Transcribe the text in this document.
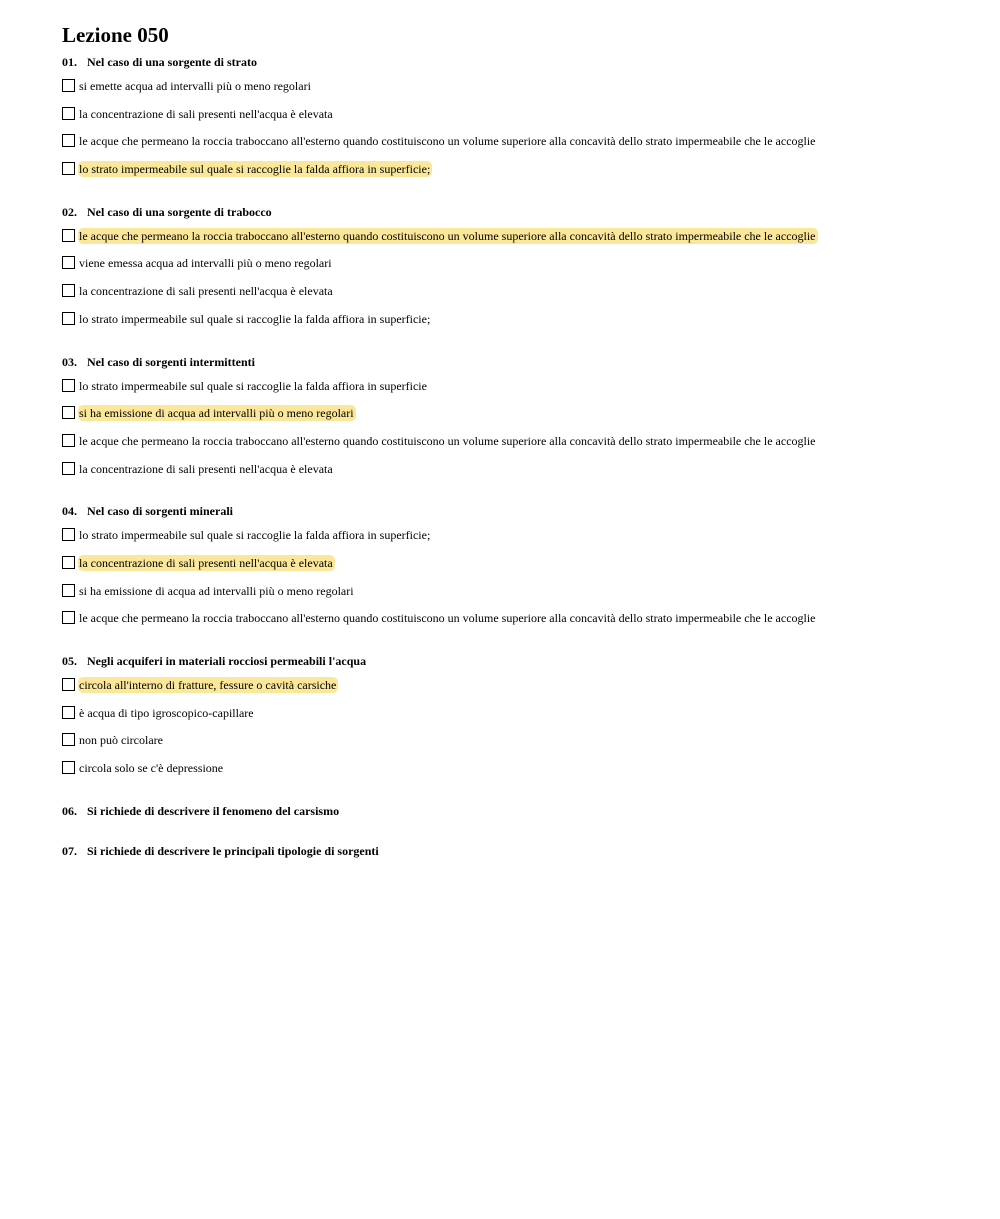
Lezione 050
01. Nel caso di una sorgente di strato
si emette acqua ad intervalli più o meno regolari
la concentrazione di sali presenti nell'acqua è elevata
le acque che permeano la roccia traboccano all'esterno quando costituiscono un volume superiore alla concavità dello strato impermeabile che le accoglie
lo strato impermeabile sul quale si raccoglie la falda affiora in superficie;
02. Nel caso di una sorgente di trabocco
le acque che permeano la roccia traboccano all'esterno quando costituiscono un volume superiore alla concavità dello strato impermeabile che le accoglie
viene emessa acqua ad intervalli più o meno regolari
la concentrazione di sali presenti nell'acqua è elevata
lo strato impermeabile sul quale si raccoglie la falda affiora in superficie;
03. Nel caso di sorgenti intermittenti
lo strato impermeabile sul quale si raccoglie la falda affiora in superficie
si ha emissione di acqua ad intervalli più o meno regolari
le acque che permeano la roccia traboccano all'esterno quando costituiscono un volume superiore alla concavità dello strato impermeabile che le accoglie
la concentrazione di sali presenti nell'acqua è elevata
04. Nel caso di sorgenti minerali
lo strato impermeabile sul quale si raccoglie la falda affiora in superficie;
la concentrazione di sali presenti nell'acqua è elevata
si ha emissione di acqua ad intervalli più o meno regolari
le acque che permeano la roccia traboccano all'esterno quando costituiscono un volume superiore alla concavità dello strato impermeabile che le accoglie
05. Negli acquiferi in materiali rocciosi permeabili l'acqua
circola all'interno di fratture, fessure o cavità carsiche
è acqua di tipo igroscopico-capillare
non può circolare
circola solo se c'è depressione
06. Si richiede di descrivere il fenomeno del carsismo
07. Si richiede di descrivere le principali tipologie di sorgenti
